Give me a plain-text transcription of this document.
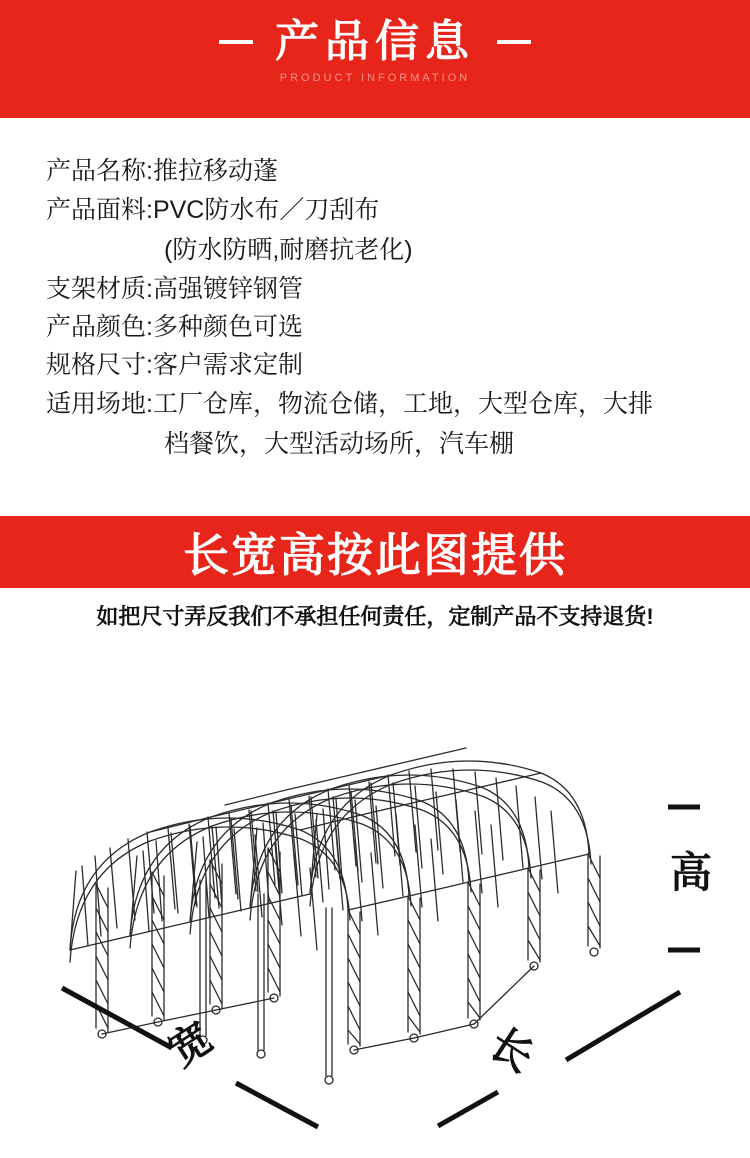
产品信息
PRODUCT INFORMATION
产品名称:推拉移动蓬
产品面料:PVC防水布／刀刮布
(防水防晒,耐磨抗老化)
支架材质:高强镀锌钢管
产品颜色:多种颜色可选
规格尺寸:客户需求定制
适用场地:工厂仓库，物流仓储，工地，大型仓库，大排
档餐饮，大型活动场所，汽车棚
长宽高按此图提供
如把尺寸弄反我们不承担任何责任，定制产品不支持退货!
高
宽	长
